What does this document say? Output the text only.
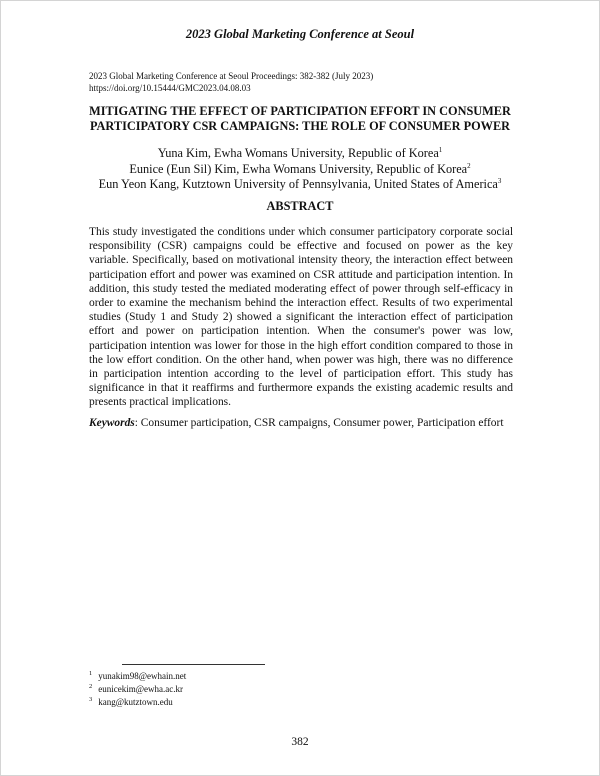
2023 Global Marketing Conference at Seoul
2023 Global Marketing Conference at Seoul Proceedings: 382-382 (July 2023)
https://doi.org/10.15444/GMC2023.04.08.03
MITIGATING THE EFFECT OF PARTICIPATION EFFORT IN CONSUMER
PARTICIPATORY CSR CAMPAIGNS: THE ROLE OF CONSUMER POWER
Yuna Kim, Ewha Womans University, Republic of Korea$^1$
Eunice (Eun Sil) Kim, Ewha Womans University, Republic of Korea$^2$
Eun Yeon Kang, Kutztown University of Pennsylvania, United States of America$^3$
ABSTRACT
This study investigated the conditions under which consumer participatory corporate social responsibility (CSR) campaigns could be effective and focused on power as the key variable. Specifically, based on motivational intensity theory, the interaction effect between participation effort and power was examined on CSR attitude and participation intention. In addition, this study tested the mediated moderating effect of power through self-efficacy in order to examine the mechanism behind the interaction effect. Results of two experimental studies (Study 1 and Study 2) showed a significant the interaction effect of participation effort and power on participation intention. When the consumer's power was low, participation intention was lower for those in the high effort condition compared to those in the low effort condition. On the other hand, when power was high, there was no difference in participation intention according to the level of participation effort. This study has significance in that it reaffirms and furthermore expands the existing academic results and presents practical implications.
Keywords: Consumer participation, CSR campaigns, Consumer power, Participation effort
$^1$ yunakim98@ewhain.net
$^2$ eunicekim@ewha.ac.kr
$^3$ kang@kutztown.edu
382
